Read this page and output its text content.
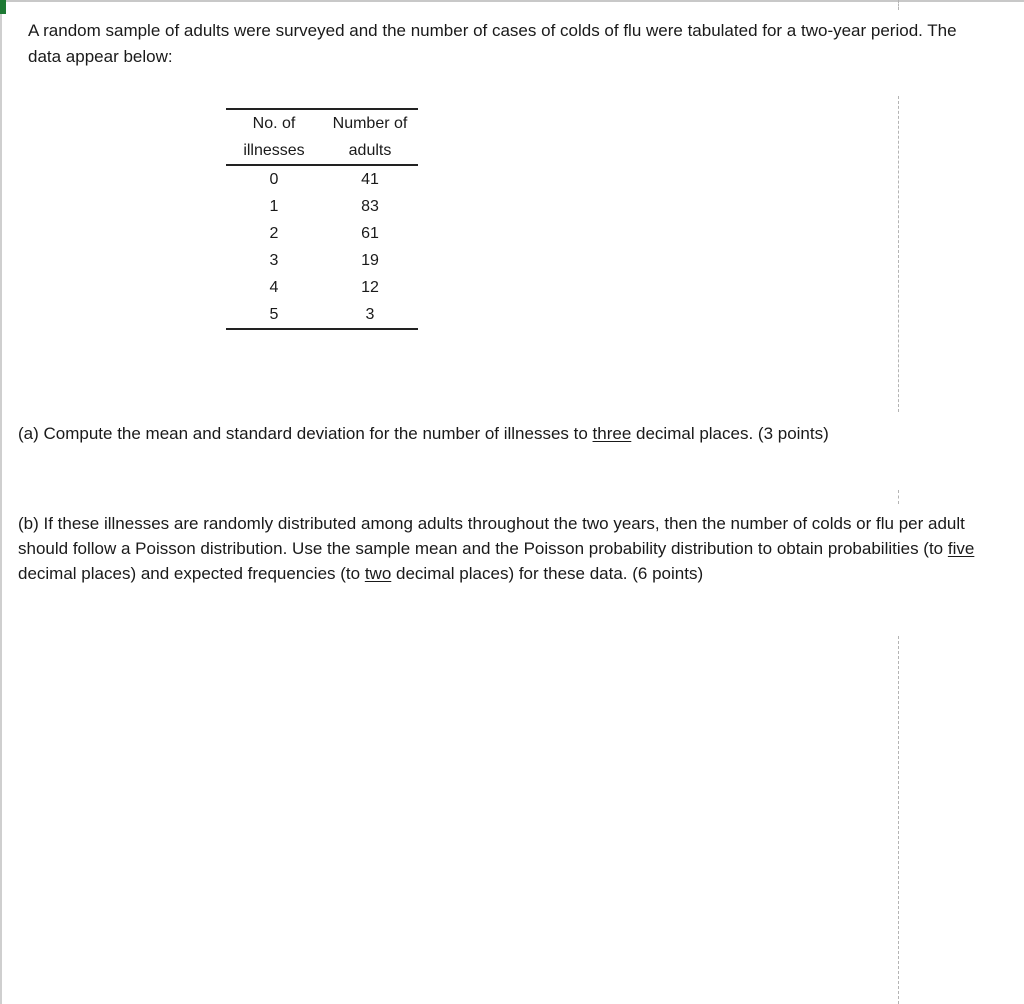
A random sample of adults were surveyed and the number of cases of colds of flu were tabulated for a two-year period. The data appear below:

No. of	Number of
illnesses	adults
0	41
1	83
2	61
3	19
4	12
5	3

(a) Compute the mean and standard deviation for the number of illnesses to three decimal places. (3 points)

(b) If these illnesses are randomly distributed among adults throughout the two years, then the number of colds or flu per adult should follow a Poisson distribution. Use the sample mean and the Poisson probability distribution to obtain probabilities (to five decimal places) and expected frequencies (to two decimal places) for these data. (6 points)
